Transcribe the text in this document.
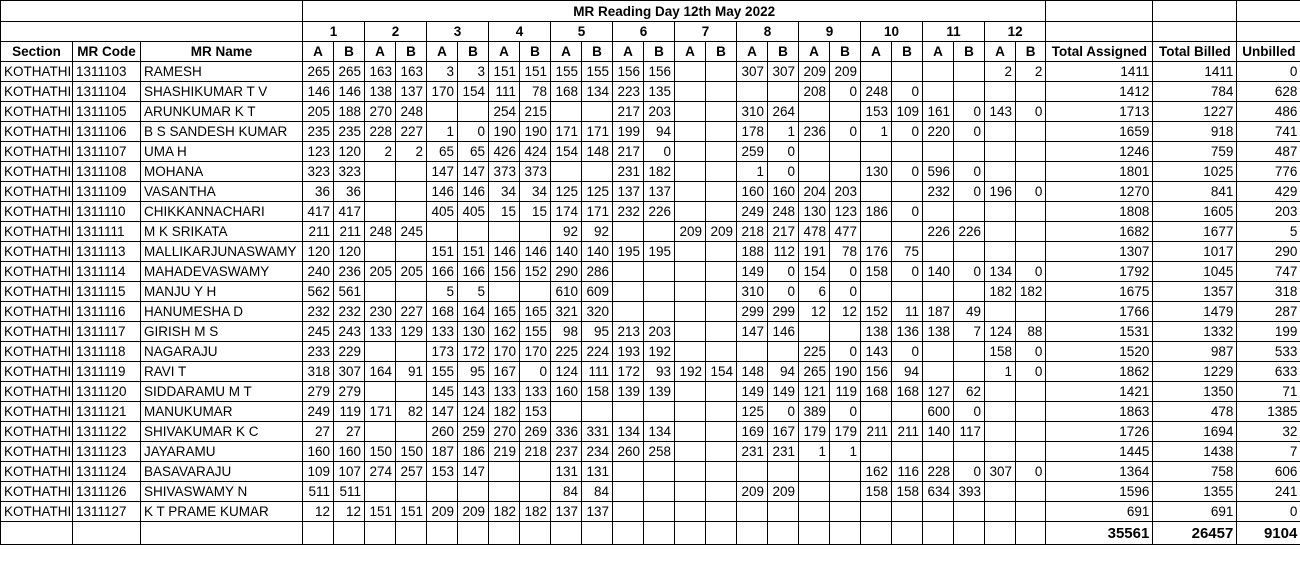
			MR Reading Day 12th May 2022																										
			1		2		3		4		5		6		7		8		9		10		11		12				
Section	MR Code	MR Name	A	B	A	B	A	B	A	B	A	B	A	B	A	B	A	B	A	B	A	B	A	B	A	B	Total Assigned	Total Billed	Unbilled
KOTHATHI	1311103	RAMESH	265	265	163	163	3	3	151	151	155	155	156	156			307	307	209	209					2	2	1411	1411	0
KOTHATHI	1311104	SHASHIKUMAR T V	146	146	138	137	170	154	111	78	168	134	223	135					208	0	248	0					1412	784	628
KOTHATHI	1311105	ARUNKUMAR K T	205	188	270	248			254	215			217	203			310	264			153	109	161	0	143	0	1713	1227	486
KOTHATHI	1311106	B S SANDESH KUMAR	235	235	228	227	1	0	190	190	171	171	199	94			178	1	236	0	1	0	220	0			1659	918	741
KOTHATHI	1311107	UMA H	123	120	2	2	65	65	426	424	154	148	217	0			259	0									1246	759	487
KOTHATHI	1311108	MOHANA	323	323			147	147	373	373			231	182			1	0			130	0	596	0			1801	1025	776
KOTHATHI	1311109	VASANTHA	36	36			146	146	34	34	125	125	137	137			160	160	204	203			232	0	196	0	1270	841	429
KOTHATHI	1311110	CHIKKANNACHARI	417	417			405	405	15	15	174	171	232	226			249	248	130	123	186	0					1808	1605	203
KOTHATHI	1311111	M K SRIKATA	211	211	248	245					92	92			209	209	218	217	478	477			226	226			1682	1677	5
KOTHATHI	1311113	MALLIKARJUNASWAMY	120	120			151	151	146	146	140	140	195	195			188	112	191	78	176	75					1307	1017	290
KOTHATHI	1311114	MAHADEVASWAMY	240	236	205	205	166	166	156	152	290	286					149	0	154	0	158	0	140	0	134	0	1792	1045	747
KOTHATHI	1311115	MANJU Y H	562	561			5	5			610	609					310	0	6	0					182	182	1675	1357	318
KOTHATHI	1311116	HANUMESHA D	232	232	230	227	168	164	165	165	321	320					299	299	12	12	152	11	187	49			1766	1479	287
KOTHATHI	1311117	GIRISH M S	245	243	133	129	133	130	162	155	98	95	213	203			147	146			138	136	138	7	124	88	1531	1332	199
KOTHATHI	1311118	NAGARAJU	233	229			173	172	170	170	225	224	193	192					225	0	143	0			158	0	1520	987	533
KOTHATHI	1311119	RAVI T	318	307	164	91	155	95	167	0	124	111	172	93	192	154	148	94	265	190	156	94			1	0	1862	1229	633
KOTHATHI	1311120	SIDDARAMU M T	279	279			145	143	133	133	160	158	139	139			149	149	121	119	168	168	127	62			1421	1350	71
KOTHATHI	1311121	MANUKUMAR	249	119	171	82	147	124	182	153							125	0	389	0			600	0			1863	478	1385
KOTHATHI	1311122	SHIVAKUMAR K C	27	27			260	259	270	269	336	331	134	134			169	167	179	179	211	211	140	117			1726	1694	32
KOTHATHI	1311123	JAYARAMU	160	160	150	150	187	186	219	218	237	234	260	258			231	231	1	1							1445	1438	7
KOTHATHI	1311124	BASAVARAJU	109	107	274	257	153	147			131	131									162	116	228	0	307	0	1364	758	606
KOTHATHI	1311126	SHIVASWAMY N	511	511							84	84					209	209			158	158	634	393			1596	1355	241
KOTHATHI	1311127	K T PRAME KUMAR	12	12	151	151	209	209	182	182	137	137															691	691	0
																											35561	26457	9104
